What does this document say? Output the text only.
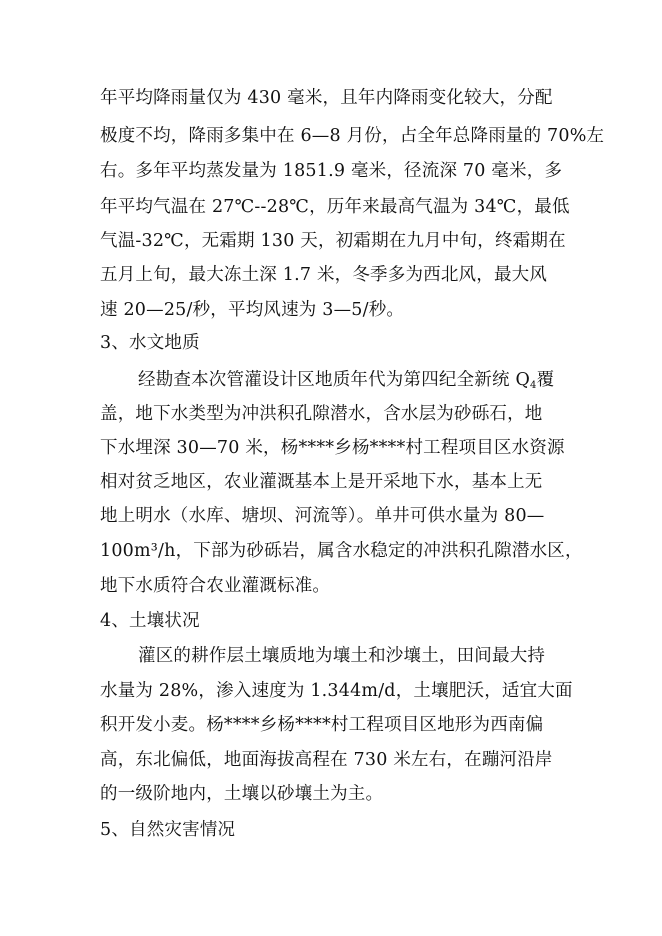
年平均降雨量仅为 430 毫米，且年内降雨变化较大，分配
极度不均，降雨多集中在 6—8 月份，占全年总降雨量的 70%左
右。多年平均蒸发量为 1851.9 毫米，径流深 70 毫米，多
年平均气温在 27℃--28℃，历年来最高气温为 34℃，最低
气温-32℃，无霜期 130 天，初霜期在九月中旬，终霜期在
五月上旬，最大冻土深 1.7 米，冬季多为西北风，最大风
速 20—25/秒，平均风速为 3—5/秒。
3、水文地质
经勘查本次管灌设计区地质年代为第四纪全新统 $Q_4$覆
盖，地下水类型为冲洪积孔隙潜水，含水层为砂砾石，地
下水埋深 30—70 米，杨****乡杨****村工程项目区水资源
相对贫乏地区，农业灌溉基本上是开采地下水，基本上无
地上明水（水库、塘坝、河流等）。单井可供水量为 80—
100m³/h，下部为砂砾岩，属含水稳定的冲洪积孔隙潜水区，
地下水质符合农业灌溉标准。
4、土壤状况
灌区的耕作层土壤质地为壤土和沙壤土，田间最大持
水量为 28%，渗入速度为 1.344m/d，土壤肥沃，适宜大面
积开发小麦。杨****乡杨****村工程项目区地形为西南偏
高，东北偏低，地面海拔高程在 730 米左右，在蹦河沿岸
的一级阶地内，土壤以砂壤土为主。
5、自然灾害情况
